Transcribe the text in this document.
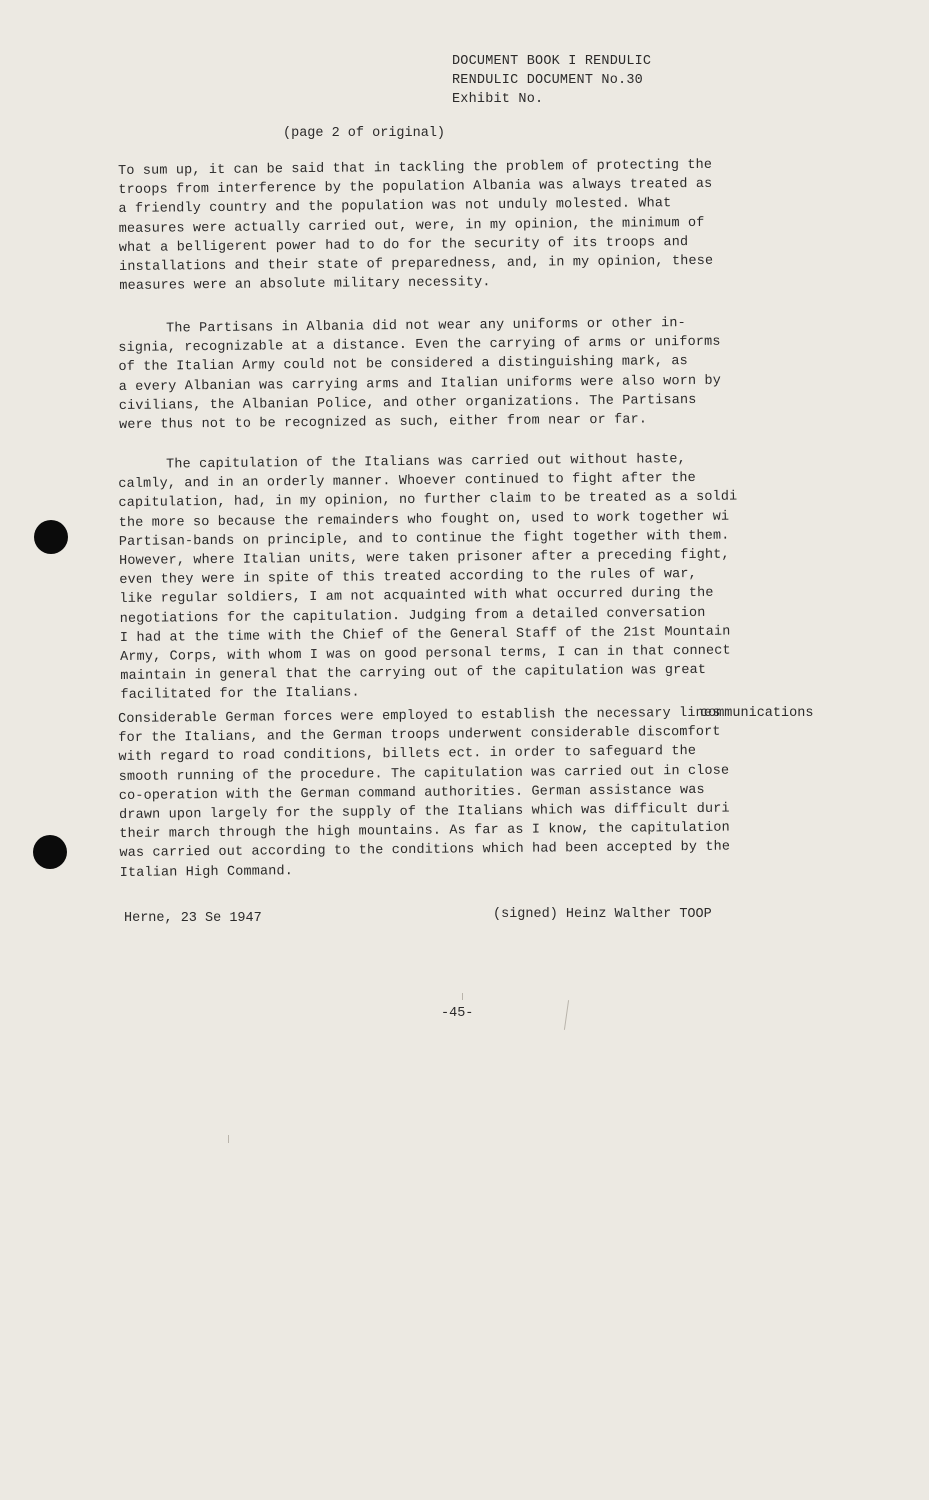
DOCUMENT BOOK I RENDULIC
RENDULIC DOCUMENT No.30
Exhibit No.
(page 2 of original)
To sum up, it can be said that in tackling the problem of protecting the
troops from interference by the population Albania was always treated as
a friendly country and the population was not unduly molested. What
measures were actually carried out, were, in my opinion, the minimum of
what a belligerent power had to do for the security of its troops and
installations and their state of preparedness, and, in my opinion, these
measures were an absolute military necessity.
The Partisans in Albania did not wear any uniforms or other in-
signia, recognizable at a distance. Even the carrying of arms or uniforms
of the Italian Army could not be considered a distinguishing mark, as
a every Albanian was carrying arms and Italian uniforms were also worn by
civilians, the Albanian Police, and other organizations. The Partisans
were thus not to be recognized as such, either from near or far.
The capitulation of the Italians was carried out without haste,
calmly, and in an orderly manner. Whoever continued to fight after the
capitulation, had, in my opinion, no further claim to be treated as a soldi
the more so because the remainders who fought on, used to work together wi
Partisan-bands on principle, and to continue the fight together with them.
However, where Italian units, were taken prisoner after a preceding fight,
even they were in spite of this treated according to the rules of war,
like regular soldiers, I am not acquainted with what occurred during the
negotiations for the capitulation. Judging from a detailed conversation
I had at the time with the Chief of the General Staff of the 21st Mountain
Army, Corps, with whom I was on good personal terms, I can in that connect
maintain in general that the carrying out of the capitulation was great
facilitated for the Italians.
communications
Considerable German forces were employed to establish the necessary lines
for the Italians, and the German troops underwent considerable discomfort
with regard to road conditions, billets ect. in order to safeguard the
smooth running of the procedure. The capitulation was carried out in close
co-operation with the German command authorities. German assistance was
drawn upon largely for the supply of the Italians which was difficult duri
their march through the high mountains. As far as I know, the capitulation
was carried out according to the conditions which had been accepted by the
Italian High Command.
Herne, 23 Se 1947	(signed) Heinz Walther TOOP
-45-
